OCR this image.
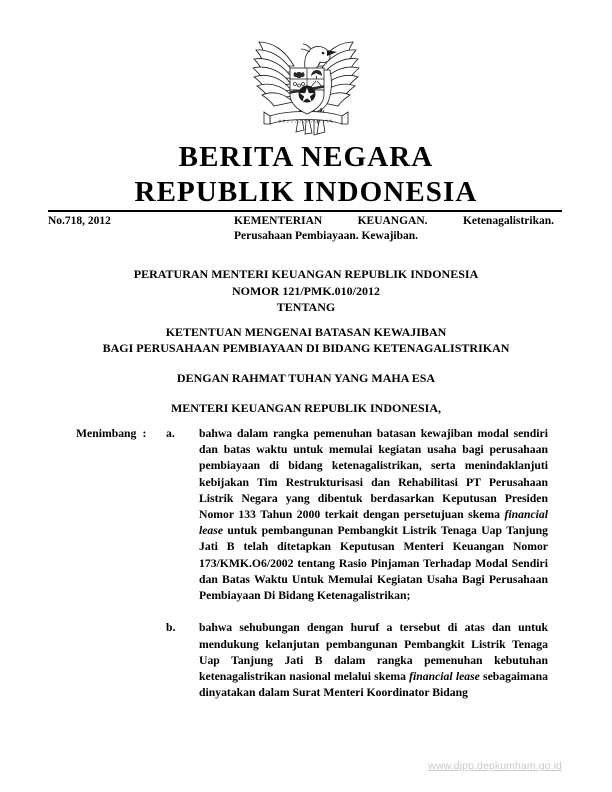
BERITA NEGARA
REPUBLIK INDONESIA
No.718, 2012	KEMENTERIAN KEUANGAN. Ketenagalistrikan.
Perusahaan Pembiayaan. Kewajiban.
PERATURAN MENTERI KEUANGAN REPUBLIK INDONESIA
NOMOR 121/PMK.010/2012
TENTANG
KETENTUAN MENGENAI BATASAN KEWAJIBAN
BAGI PERUSAHAAN PEMBIAYAAN DI BIDANG KETENAGALISTRIKAN
DENGAN RAHMAT TUHAN YANG MAHA ESA
MENTERI KEUANGAN REPUBLIK INDONESIA,
Menimbang :	a. bahwa dalam rangka pemenuhan batasan kewajiban modal sendiri dan batas waktu untuk memulai kegiatan usaha bagi perusahaan pembiayaan di bidang ketenagalistrikan, serta menindaklanjuti kebijakan Tim Restrukturisasi dan Rehabilitasi PT Perusahaan Listrik Negara yang dibentuk berdasarkan Keputusan Presiden Nomor 133 Tahun 2000 terkait dengan persetujuan skema financial lease untuk pembangunan Pembangkit Listrik Tenaga Uap Tanjung Jati B telah ditetapkan Keputusan Menteri Keuangan Nomor 173/KMK.O6/2002 tentang Rasio Pinjaman Terhadap Modal Sendiri dan Batas Waktu Untuk Memulai Kegiatan Usaha Bagi Perusahaan Pembiayaan Di Bidang Ketenagalistrikan;
b. bahwa sehubungan dengan huruf a tersebut di atas dan untuk mendukung kelanjutan pembangunan Pembangkit Listrik Tenaga Uap Tanjung Jati B dalam rangka pemenuhan kebutuhan ketenagalistrikan nasional melalui skema financial lease sebagaimana dinyatakan dalam Surat Menteri Koordinator Bidang
www.djpp.depkumham.go.id
